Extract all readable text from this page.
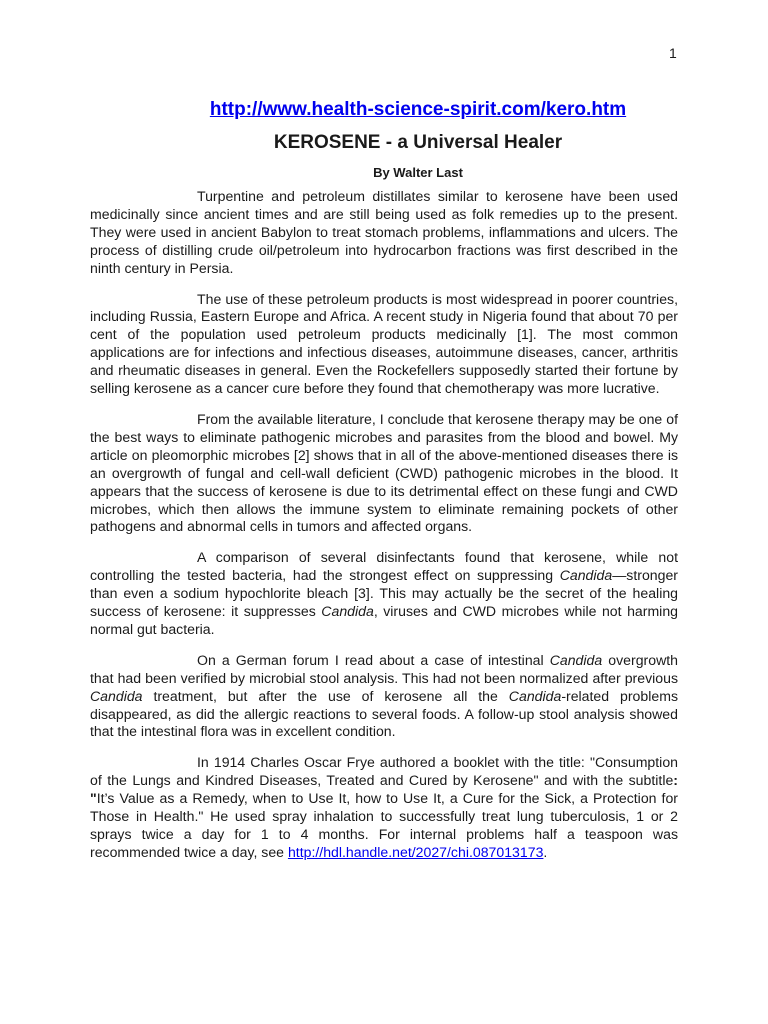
1
http://www.health-science-spirit.com/kero.htm
KEROSENE - a Universal Healer
By Walter Last

Turpentine and petroleum distillates similar to kerosene have been used medicinally since ancient times and are still being used as folk remedies up to the present. They were used in ancient Babylon to treat stomach problems, inflammations and ulcers. The process of distilling crude oil/petroleum into hydrocarbon fractions was first described in the ninth century in Persia.

The use of these petroleum products is most widespread in poorer countries, including Russia, Eastern Europe and Africa. A recent study in Nigeria found that about 70 per cent of the population used petroleum products medicinally [1]. The most common applications are for infections and infectious diseases, autoimmune diseases, cancer, arthritis and rheumatic diseases in general. Even the Rockefellers supposedly started their fortune by selling kerosene as a cancer cure before they found that chemotherapy was more lucrative.

From the available literature, I conclude that kerosene therapy may be one of the best ways to eliminate pathogenic microbes and parasites from the blood and bowel. My article on pleomorphic microbes [2] shows that in all of the above-mentioned diseases there is an overgrowth of fungal and cell-wall deficient (CWD) pathogenic microbes in the blood. It appears that the success of kerosene is due to its detrimental effect on these fungi and CWD microbes, which then allows the immune system to eliminate remaining pockets of other pathogens and abnormal cells in tumors and affected organs.

A comparison of several disinfectants found that kerosene, while not controlling the tested bacteria, had the strongest effect on suppressing Candida—stronger than even a sodium hypochlorite bleach [3]. This may actually be the secret of the healing success of kerosene: it suppresses Candida, viruses and CWD microbes while not harming normal gut bacteria.

On a German forum I read about a case of intestinal Candida overgrowth that had been verified by microbial stool analysis. This had not been normalized after previous Candida treatment, but after the use of kerosene all the Candida-related problems disappeared, as did the allergic reactions to several foods. A follow-up stool analysis showed that the intestinal flora was in excellent condition.

In 1914 Charles Oscar Frye authored a booklet with the title: "Consumption of the Lungs and Kindred Diseases, Treated and Cured by Kerosene" and with the subtitle: "It’s Value as a Remedy, when to Use It, how to Use It, a Cure for the Sick, a Protection for Those in Health." He used spray inhalation to successfully treat lung tuberculosis, 1 or 2 sprays twice a day for 1 to 4 months. For internal problems half a teaspoon was recommended twice a day, see http://hdl.handle.net/2027/chi.087013173.
